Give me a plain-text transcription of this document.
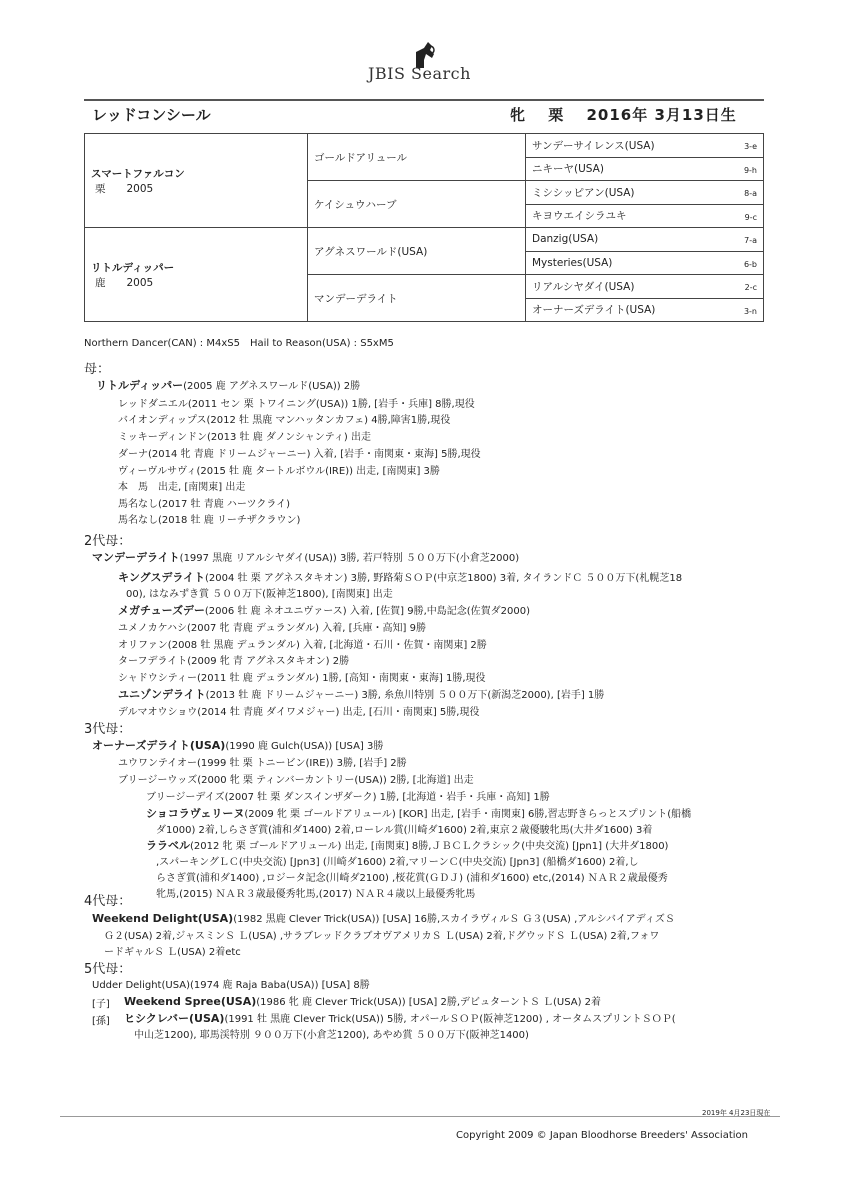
JBIS Search
レッドコンシール	牝 栗 2016年 3月13日生
スマートファルコン
栗　　2005	ゴールドアリュール	サンデーサイレンス(USA) 3-e

		ニキーヤ(USA) 9-h

	ケイシュウハーブ	ミシシッピアン(USA) 8-a

		キヨウエイシラユキ 9-c

リトルディッパー
鹿　　2005	アグネスワールド(USA)	Danzig(USA) 7-a

		Mysteries(USA) 6-b

	マンデーデライト	リアルシヤダイ(USA) 2-c

		オーナーズデライト(USA) 3-n
Northern Dancer(CAN) : M4xS5　Hail to Reason(USA) : S5xM5
母：
2代母：
3代母：
4代母：
5代母：
リトルディッパー(2005 鹿 アグネスワールド(USA)) 2勝
レッドダニエル(2011 セン 栗 トワイニング(USA)) 1勝, [岩手・兵庫] 8勝,現役
バイオンディップス(2012 牡 黒鹿 マンハッタンカフェ) 4勝,障害1勝,現役
ミッキーディンドン(2013 牡 鹿 ダノンシャンティ) 出走
ダーナ(2014 牝 青鹿 ドリームジャーニー) 入着, [岩手・南関東・東海] 5勝,現役
ヴィーヴルサヴィ(2015 牡 鹿 タートルボウル(IRE)) 出走, [南関東] 3勝
本　馬　出走, [南関東] 出走
馬名なし(2017 牡 青鹿 ハーツクライ)
馬名なし(2018 牡 鹿 リーチザクラウン)
マンデーデライト(1997 黒鹿 リアルシヤダイ(USA)) 3勝, 若戸特別 ５００万下(小倉芝2000)
キングスデライト(2004 牡 栗 アグネスタキオン) 3勝, 野路菊ＳＯＰ(中京芝1800) 3着, タイランドＣ ５００万下(札幌芝18
00), はなみずき賞 ５００万下(阪神芝1800), [南関東] 出走
メガチューズデー(2006 牡 鹿 ネオユニヴァース) 入着, [佐賀] 9勝,中島記念(佐賀ダ2000)
ユメノカケハシ(2007 牝 青鹿 デュランダル) 入着, [兵庫・高知] 9勝
オリファン(2008 牡 黒鹿 デュランダル) 入着, [北海道・石川・佐賀・南関東] 2勝
ターフデライト(2009 牝 青 アグネスタキオン) 2勝
シャドウシティー(2011 牡 鹿 デュランダル) 1勝, [高知・南関東・東海] 1勝,現役
ユニゾンデライト(2013 牡 鹿 ドリームジャーニー) 3勝, 糸魚川特別 ５００万下(新潟芝2000), [岩手] 1勝
デルマオウショウ(2014 牡 青鹿 ダイワメジャー) 出走, [石川・南関東] 5勝,現役
オーナーズデライト(USA)(1990 鹿 Gulch(USA)) [USA] 3勝
ユウワンテイオー(1999 牡 栗 トニービン(IRE)) 3勝, [岩手] 2勝
ブリージーウッズ(2000 牝 栗 ティンバーカントリー(USA)) 2勝, [北海道] 出走
ブリージーデイズ(2007 牡 栗 ダンスインザダーク) 1勝, [北海道・岩手・兵庫・高知] 1勝
ショコラヴェリーヌ(2009 牝 栗 ゴールドアリュール) [KOR] 出走, [岩手・南関東] 6勝,習志野きらっとスプリント(船橋
ダ1000) 2着,しらさぎ賞(浦和ダ1400) 2着,ローレル賞(川崎ダ1600) 2着,東京２歳優駿牝馬(大井ダ1600) 3着
ララベル(2012 牝 栗 ゴールドアリュール) 出走, [南関東] 8勝,ＪＢＣＬクラシック(中央交流) [Jpn1] (大井ダ1800)
,スパーキングＬＣ(中央交流) [Jpn3] (川崎ダ1600) 2着,マリーンＣ(中央交流) [Jpn3] (船橋ダ1600) 2着,し
らさぎ賞(浦和ダ1400) ,ロジータ記念(川崎ダ2100) ,桜花賞(ＧＤＪ) (浦和ダ1600) etc,(2014) ＮＡＲ２歳最優秀
牝馬,(2015) ＮＡＲ３歳最優秀牝馬,(2017) ＮＡＲ４歳以上最優秀牝馬
Weekend Delight(USA)(1982 黒鹿 Clever Trick(USA)) [USA] 16勝,スカイラヴィルＳ Ｇ３(USA) ,アルシバイアディズＳ
Ｇ２(USA) 2着,ジャスミンＳ Ｌ(USA) ,サラブレッドクラブオヴアメリカＳ Ｌ(USA) 2着,ドグウッドＳ Ｌ(USA) 2着,フォワ
ードギャルＳ Ｌ(USA) 2着etc
Udder Delight(USA)(1974 鹿 Raja Baba(USA)) [USA] 8勝
Weekend Spree(USA)(1986 牝 鹿 Clever Trick(USA)) [USA] 2勝,デビュターントＳ Ｌ(USA) 2着
ヒシクレバー(USA)(1991 牡 黒鹿 Clever Trick(USA)) 5勝, オパールＳＯＰ(阪神芝1200) , オータムスプリントＳＯＰ(
中山芝1200), 耶馬渓特別 ９００万下(小倉芝1200), あやめ賞 ５００万下(阪神芝1400)
[子]
[孫]
2019年 4月23日現在
Copyright 2009 © Japan Bloodhorse Breeders' Association
